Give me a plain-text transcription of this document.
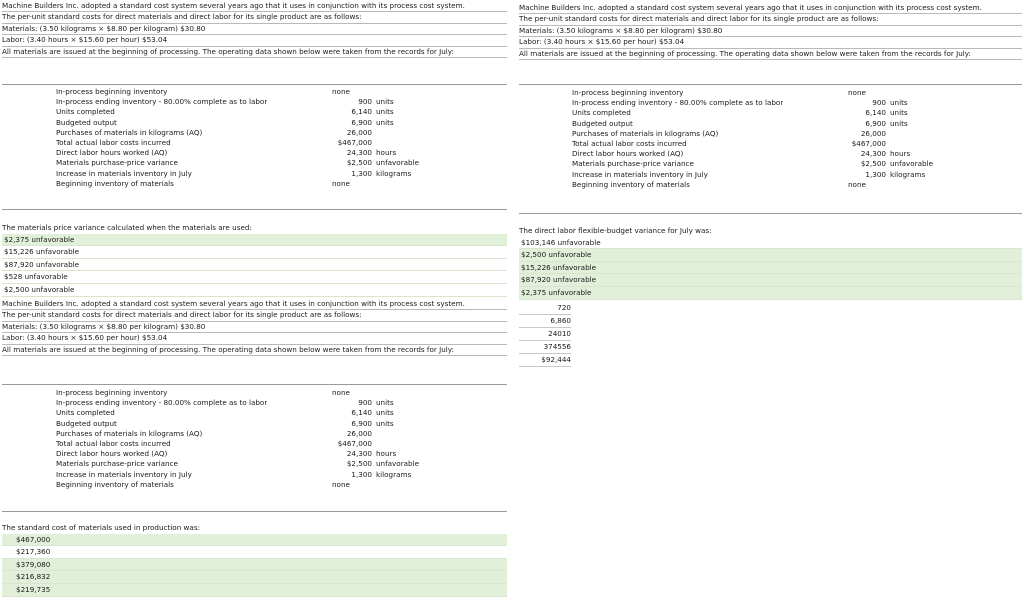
Machine Builders Inc. adopted a standard cost system several years ago that it uses in conjunction with its process cost system.
The per-unit standard costs for direct materials and direct labor for its single product are as follows:
Materials: (3.50 kilograms × $8.80 per kilogram) $30.80
Labor: (3.40 hours × $15.60 per hour) $53.04
All materials are issued at the beginning of processing. The operating data shown below were taken from the records for July:
In-process beginning inventory	none
In-process ending inventory - 80.00% complete as to labor	900 units
Units completed	6,140 units
Budgeted output	6,900 units
Purchases of materials in kilograms (AQ)	26,000
Total actual labor costs incurred	$467,000
Direct labor hours worked (AQ)	24,300 hours
Materials purchase-price variance	$2,500 unfavorable
Increase in materials inventory in July	1,300 kilograms
Beginning inventory of materials	none
The materials price variance calculated when the materials are used:
$2,375 unfavorable
$15,226 unfavorable
$87,920 unfavorable
$528 unfavorable
$2,500 unfavorable
Machine Builders Inc. adopted a standard cost system several years ago that it uses in conjunction with its process cost system.
The per-unit standard costs for direct materials and direct labor for its single product are as follows:
Materials: (3.50 kilograms × $8.80 per kilogram) $30.80
Labor: (3.40 hours × $15.60 per hour) $53.04
All materials are issued at the beginning of processing. The operating data shown below were taken from the records for July:
In-process beginning inventory	none
In-process ending inventory - 80.00% complete as to labor	900 units
Units completed	6,140 units
Budgeted output	6,900 units
Purchases of materials in kilograms (AQ)	26,000
Total actual labor costs incurred	$467,000
Direct labor hours worked (AQ)	24,300 hours
Materials purchase-price variance	$2,500 unfavorable
Increase in materials inventory in July	1,300 kilograms
Beginning inventory of materials	none
The standard cost of materials used in production was:
$467,000
$217,360
$379,080
$216,832
$219,735
Machine Builders Inc. adopted a standard cost system several years ago that it uses in conjunction with its process cost system.
The per-unit standard costs for direct materials and direct labor for its single product are as follows:
Materials: (3.50 kilograms × $8.80 per kilogram) $30.80
Labor: (3.40 hours × $15.60 per hour) $53.04
All materials are issued at the beginning of processing. The operating data shown below were taken from the records for July:
In-process beginning inventory	none
In-process ending inventory - 80.00% complete as to labor	900 units
Units completed	6,140 units
Budgeted output	6,900 units
Purchases of materials in kilograms (AQ)	26,000
Total actual labor costs incurred	$467,000
Direct labor hours worked (AQ)	24,300 hours
Materials purchase-price variance	$2,500 unfavorable
Increase in materials inventory in July	1,300 kilograms
Beginning inventory of materials	none
The direct labor flexible-budget variance for July was:
$103,146 unfavorable
$2,500 unfavorable
$15,226 unfavorable
$87,920 unfavorable
$2,375 unfavorable
720
6,860
24010
374556
$92,444
